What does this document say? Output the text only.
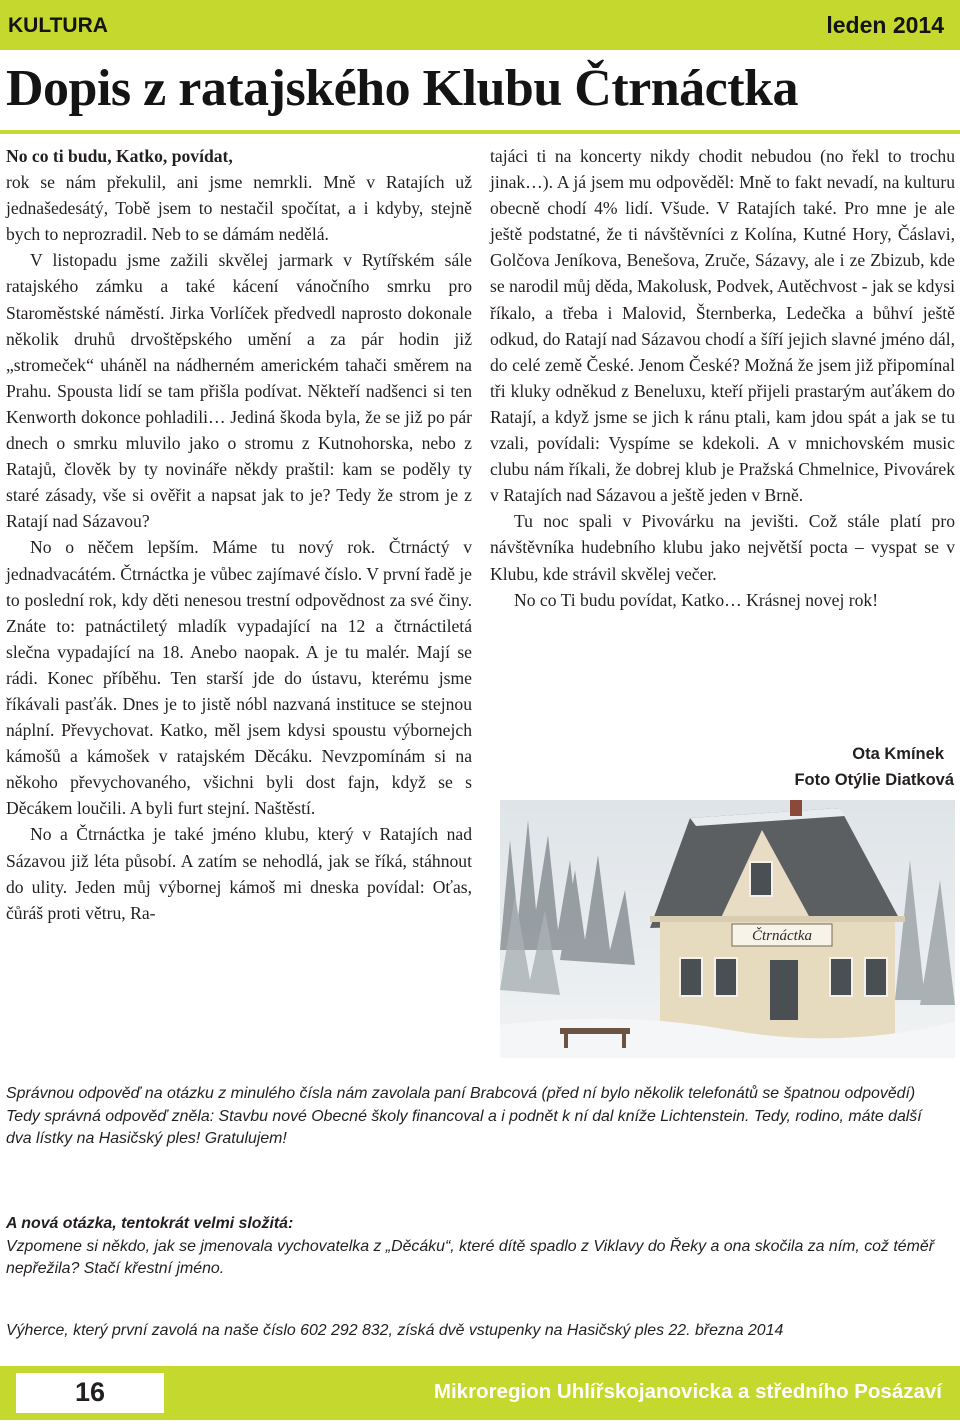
KULTURA	leden 2014
Dopis z ratajského Klubu Čtrnáctka

No co ti budu, Katko, povídat,

rok se nám překulil, ani jsme nemrkli. Mně v Ratajích už jednašedesátý, Tobě jsem to nestačil spočítat, a i kdyby, stejně bych to neprozradil. Neb to se dámám nedělá.

V listopadu jsme zažili skvělej jarmark v Rytířském sále ratajského zámku a také kácení vánočního smrku pro Staroměstské náměstí. Jirka Vorlíček předvedl naprosto dokonale několik druhů drvoštěpského umění a za pár hodin již „stromeček“ uháněl na nádherném americkém tahači směrem na Prahu. Spousta lidí se tam přišla podívat. Někteří nadšenci si ten Kenworth dokonce pohladili… Jediná škoda byla, že se již po pár dnech o smrku mluvilo jako o stromu z Kutnohorska, nebo z Ratajů, člověk by ty novináře někdy praštil: kam se poděly ty staré zásady, vše si ověřit a napsat jak to je? Tedy že strom je z Ratají nad Sázavou?

No o něčem lepším. Máme tu nový rok. Čtrnáctý v jednadvacátém. Čtrnáctka je vůbec zajímavé číslo. V první řadě je to poslední rok, kdy děti nenesou trestní odpovědnost za své činy. Znáte to: patnáctiletý mladík vypadající na 12 a čtrnáctiletá slečna vypadající na 18. Anebo naopak. A je tu malér. Mají se rádi. Konec příběhu. Ten starší jde do ústavu, kterému jsme říkávali pasťák. Dnes je to jistě nóbl nazvaná instituce se stejnou náplní. Převychovat. Katko, měl jsem kdysi spoustu výbornejch kámošů a kámošek v ratajském Děcáku. Nevzpomínám si na někoho převychovaného, všichni byli dost fajn, když se s Děcákem loučili. A byli furt stejní. Naštěstí.

No a Čtrnáctka je také jméno klubu, který v Ratajích nad Sázavou již léta působí. A zatím se nehodlá, jak se říká, stáhnout do ulity. Jeden můj výbornej kámoš mi dneska povídal: Oťas, čůráš proti větru, Ra-

tajáci ti na koncerty nikdy chodit nebudou (no řekl to trochu jinak…). A já jsem mu odpověděl: Mně to fakt nevadí, na kulturu obecně chodí 4% lidí. Všude. V Ratajích také. Pro mne je ale ještě podstatné, že ti návštěvníci z Kolína, Kutné Hory, Čáslavi, Golčova Jeníkova, Benešova, Zruče, Sázavy, ale i ze Zbizub, kde se narodil můj děda, Makolusk, Podvek, Autěchvost - jak se kdysi říkalo, a třeba i Malovid, Šternberka, Ledečka a bůhví ještě odkud, do Ratají nad Sázavou chodí a šíří jejich slavné jméno dál, do celé země České. Jenom České? Možná že jsem již připomínal tři kluky odněkud z Beneluxu, kteří přijeli prastarým auťákem do Ratají, a když jsme se jich k ránu ptali, kam jdou spát a jak se tu vzali, povídali: Vyspíme se kdekoli. A v mnichovském music clubu nám říkali, že dobrej klub je Pražská Chmelnice, Pivovárek v Ratajích nad Sázavou a ještě jeden v Brně.

Tu noc spali v Pivovárku na jevišti. Což stále platí pro návštěvníka hudebního klubu jako největší pocta – vyspat se v Klubu, kde strávil skvělej večer.

No co Ti budu povídat, Katko… Krásnej novej rok!

Ota Kmínek
Foto Otýlie Diatková
Čtrnáctka

Správnou odpověď na otázku z minulého čísla nám zavolala paní Brabcová (před ní bylo několik telefonátů se špatnou odpovědí)

Tedy správná odpověď zněla: Stavbu nové Obecné školy financoval a i podnět k ní dal kníže Lichtenstein. Tedy, rodino, máte další dva lístky na Hasičský ples! Gratulujem!

A nová otázka, tentokrát velmi složitá:

Vzpomene si někdo, jak se jmenovala vychovatelka z „Děcáku“, které dítě spadlo z Viklavy do Řeky a ona skočila za ním, což téměř nepřežila? Stačí křestní jméno.

Výherce, který první zavolá na naše číslo 602 292 832, získá dvě vstupenky na Hasičský ples 22. března 2014

16	Mikroregion Uhlířskojanovicka a středního Posázaví
